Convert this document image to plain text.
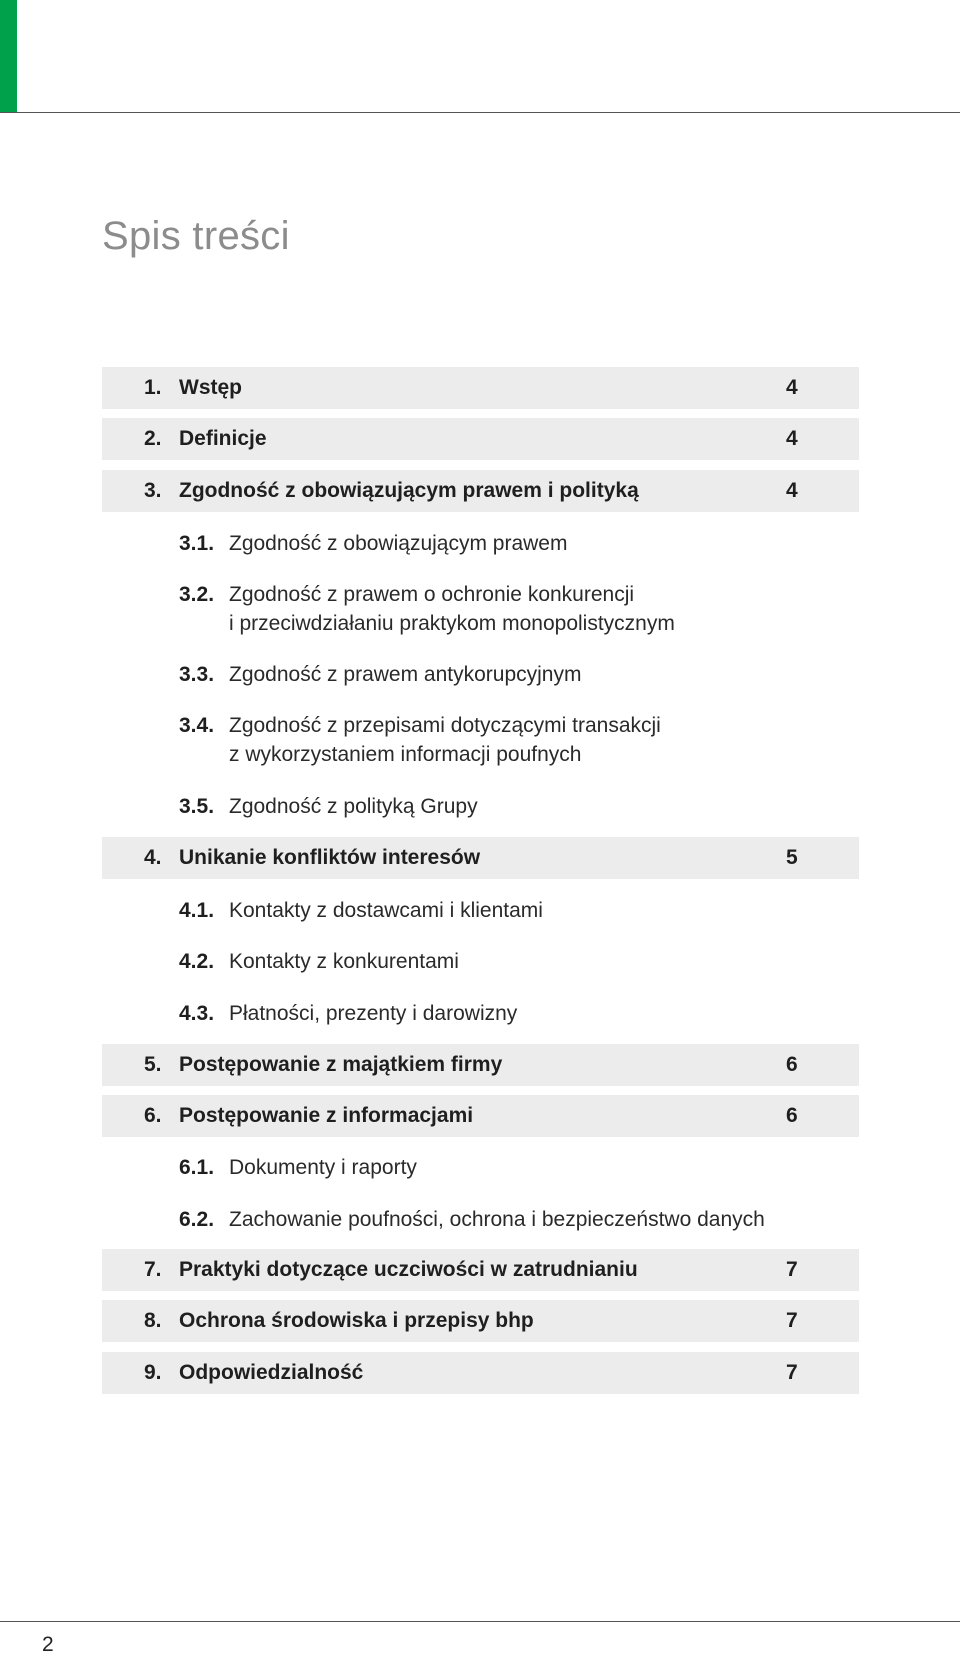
Spis treści
1. Wstęp	4
2. Definicje	4
3. Zgodność z obowiązującym prawem i polityką	4
3.1. Zgodność z obowiązującym prawem
3.2. Zgodność z prawem o ochronie konkurencji
i przeciwdziałaniu praktykom monopolistycznym
3.3. Zgodność z prawem antykorupcyjnym
3.4. Zgodność z przepisami dotyczącymi transakcji
z wykorzystaniem informacji poufnych
3.5. Zgodność z polityką Grupy
4. Unikanie konfliktów interesów	5
4.1. Kontakty z dostawcami i klientami
4.2. Kontakty z konkurentami
4.3. Płatności, prezenty i darowizny
5. Postępowanie z majątkiem firmy	6
6. Postępowanie z informacjami	6
6.1. Dokumenty i raporty
6.2. Zachowanie poufności, ochrona i bezpieczeństwo danych
7. Praktyki dotyczące uczciwości w zatrudnianiu	7
8. Ochrona środowiska i przepisy bhp	7
9. Odpowiedzialność	7
2
